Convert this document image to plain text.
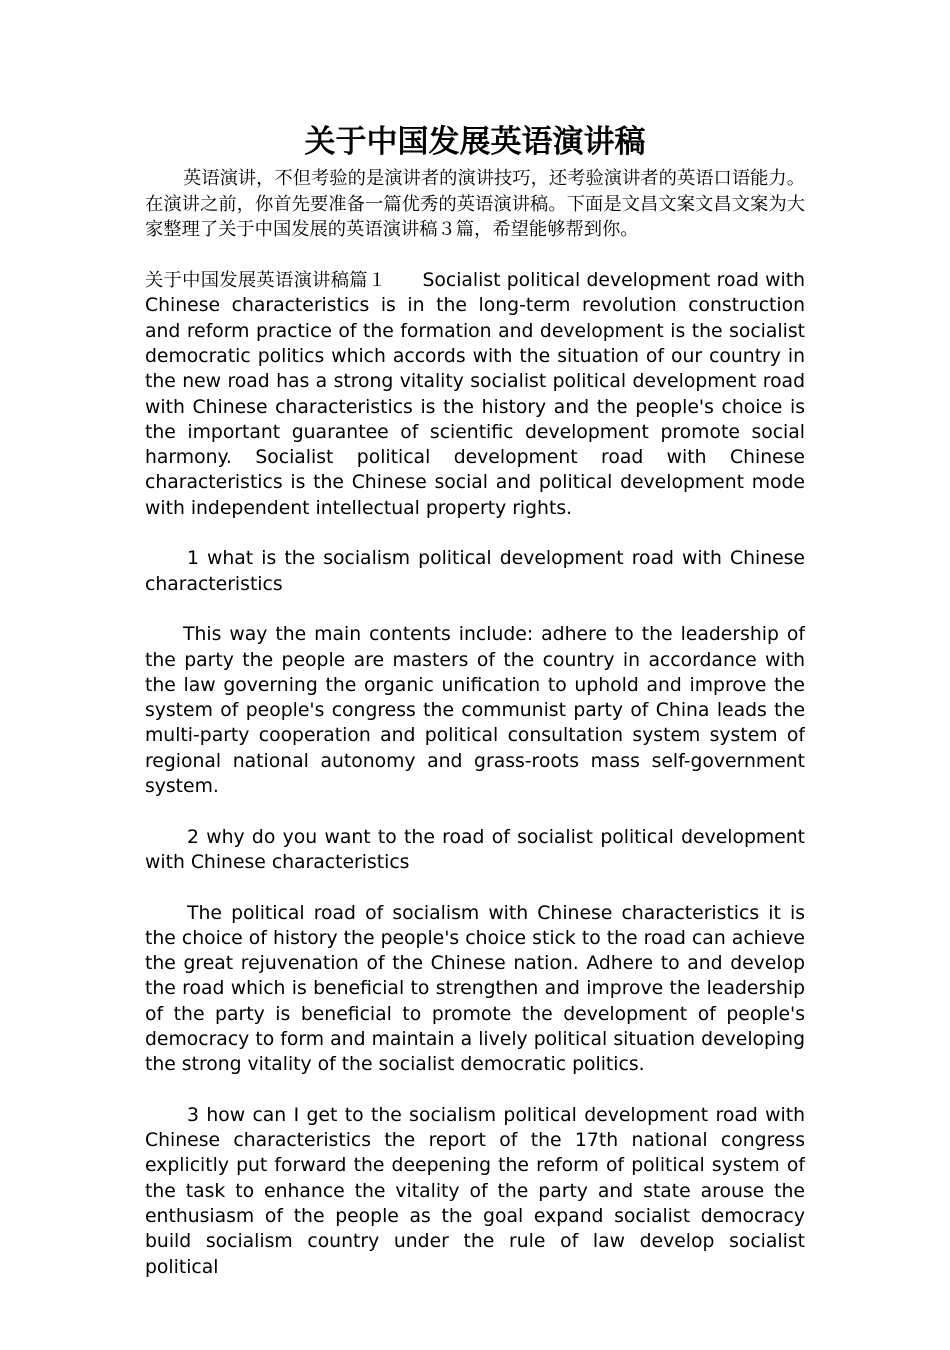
关于中国发展英语演讲稿

英语演讲，不但考验的是演讲者的演讲技巧，还考验演讲者的英语口语能力。在演讲之前，你首先要准备一篇优秀的英语演讲稿。下面是文昌文案文昌文案为大家整理了关于中国发展的英语演讲稿３篇，希望能够帮到你。

关于中国发展英语演讲稿篇１ Socialist political development road with Chinese characteristics is in the long-term revolution construction and reform practice of the formation and development is the socialist democratic politics which accords with the situation of our country in the new road has a strong vitality socialist political development road with Chinese characteristics is the history and the people's choice is the important guarantee of scientific development promote social harmony. Socialist political development road with Chinese characteristics is the Chinese social and political development mode with independent intellectual property rights.

1 what is the socialism political development road with Chinese characteristics

This way the main contents include: adhere to the leadership of the party the people are masters of the country in accordance with the law governing the organic unification to uphold and improve the system of people's congress the communist party of China leads the multi-party cooperation and political consultation system system of regional national autonomy and grass-roots mass self-government system.

2 why do you want to the road of socialist political development with Chinese characteristics

The political road of socialism with Chinese characteristics it is the choice of history the people's choice stick to the road can achieve the great rejuvenation of the Chinese nation. Adhere to and develop the road which is beneficial to strengthen and improve the leadership of the party is beneficial to promote the development of people's democracy to form and maintain a lively political situation developing the strong vitality of the socialist democratic politics.

3 how can I get to the socialism political development road with Chinese characteristics the report of the 17th national congress explicitly put forward the deepening the reform of political system of the task to enhance the vitality of the party and state arouse the enthusiasm of the people as the goal expand socialist democracy build socialism country under the rule of law develop socialist political
